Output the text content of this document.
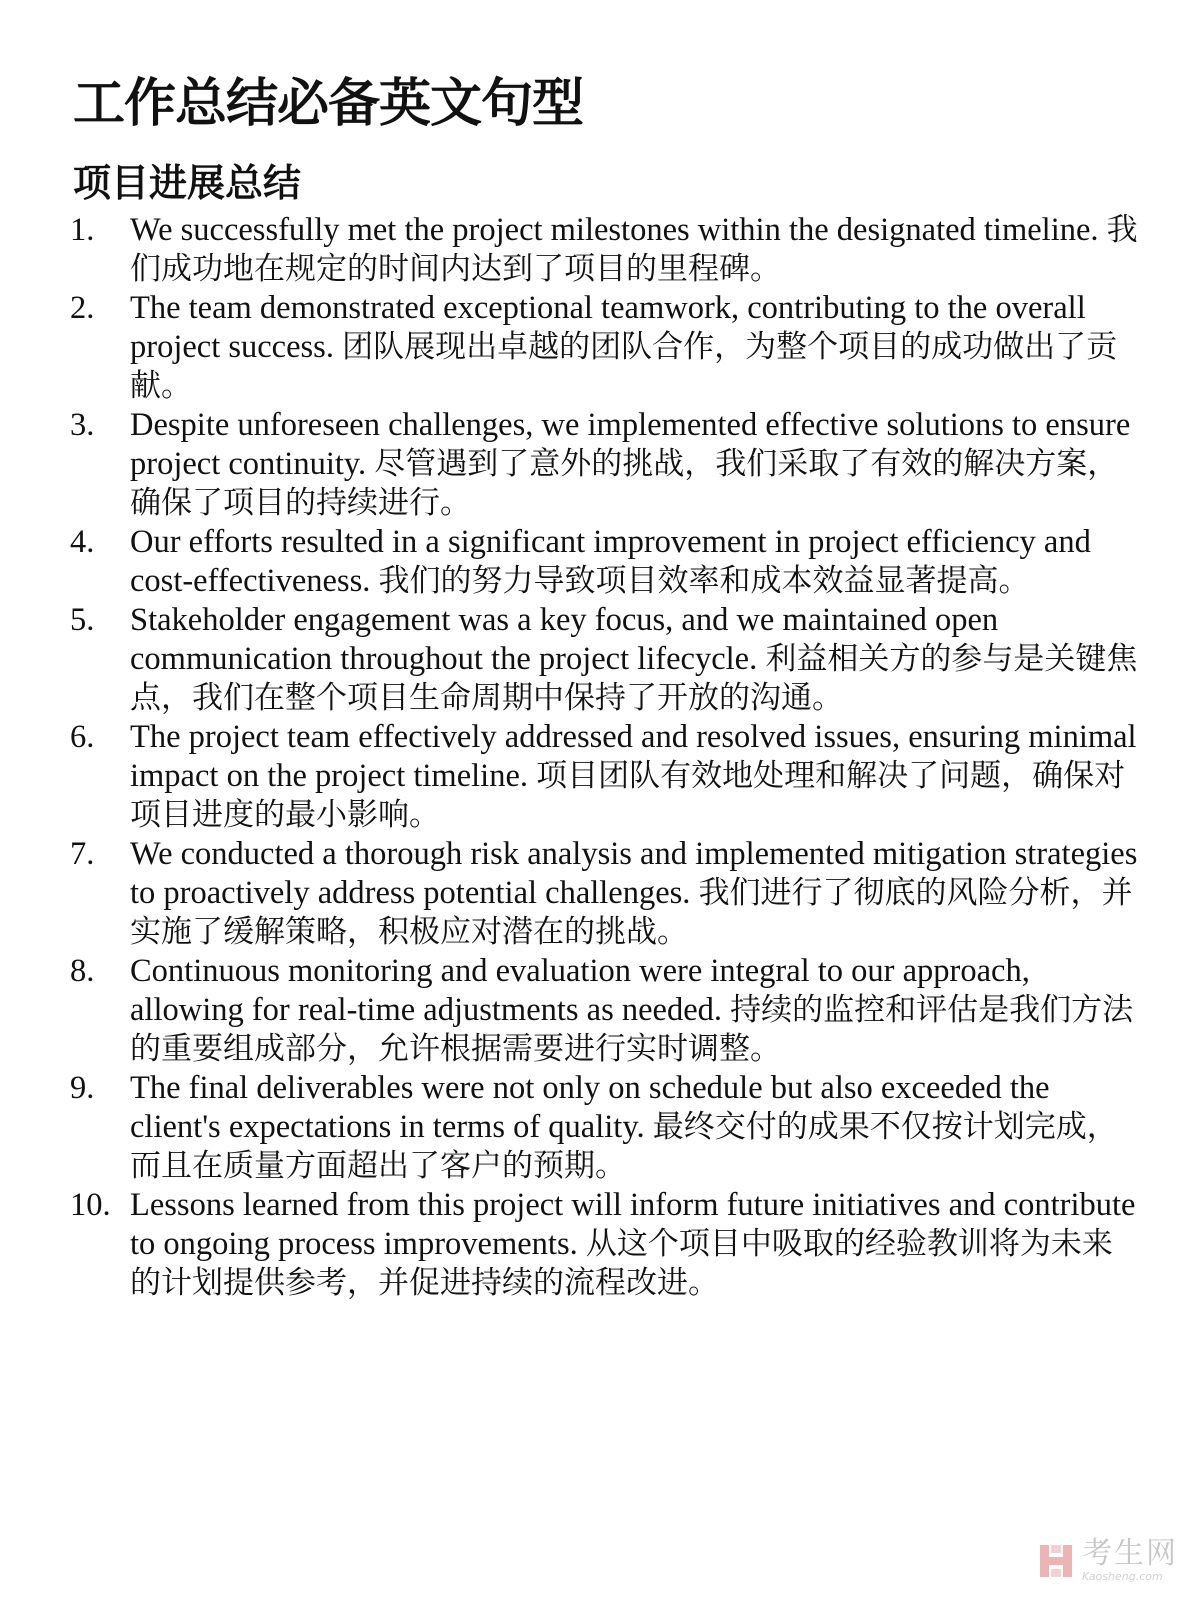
工作总结必备英文句型
项目进展总结
1. We successfully met the project milestones within the designated timeline. 我们成功地在规定的时间内达到了项目的里程碑。
2. The team demonstrated exceptional teamwork, contributing to the overall project success. 团队展现出卓越的团队合作，为整个项目的成功做出了贡献。
3. Despite unforeseen challenges, we implemented effective solutions to ensure project continuity. 尽管遇到了意外的挑战，我们采取了有效的解决方案，确保了项目的持续进行。
4. Our efforts resulted in a significant improvement in project efficiency and cost-effectiveness. 我们的努力导致项目效率和成本效益显著提高。
5. Stakeholder engagement was a key focus, and we maintained open communication throughout the project lifecycle. 利益相关方的参与是关键焦点，我们在整个项目生命周期中保持了开放的沟通。
6. The project team effectively addressed and resolved issues, ensuring minimal impact on the project timeline. 项目团队有效地处理和解决了问题，确保对项目进度的最小影响。
7. We conducted a thorough risk analysis and implemented mitigation strategies to proactively address potential challenges. 我们进行了彻底的风险分析，并实施了缓解策略，积极应对潜在的挑战。
8. Continuous monitoring and evaluation were integral to our approach, allowing for real-time adjustments as needed. 持续的监控和评估是我们方法的重要组成部分，允许根据需要进行实时调整。
9. The final deliverables were not only on schedule but also exceeded the client's expectations in terms of quality. 最终交付的成果不仅按计划完成，而且在质量方面超出了客户的预期。
10. Lessons learned from this project will inform future initiatives and contribute to ongoing process improvements. 从这个项目中吸取的经验教训将为未来的计划提供参考，并促进持续的流程改进。
考生网
Kaosheng.com
